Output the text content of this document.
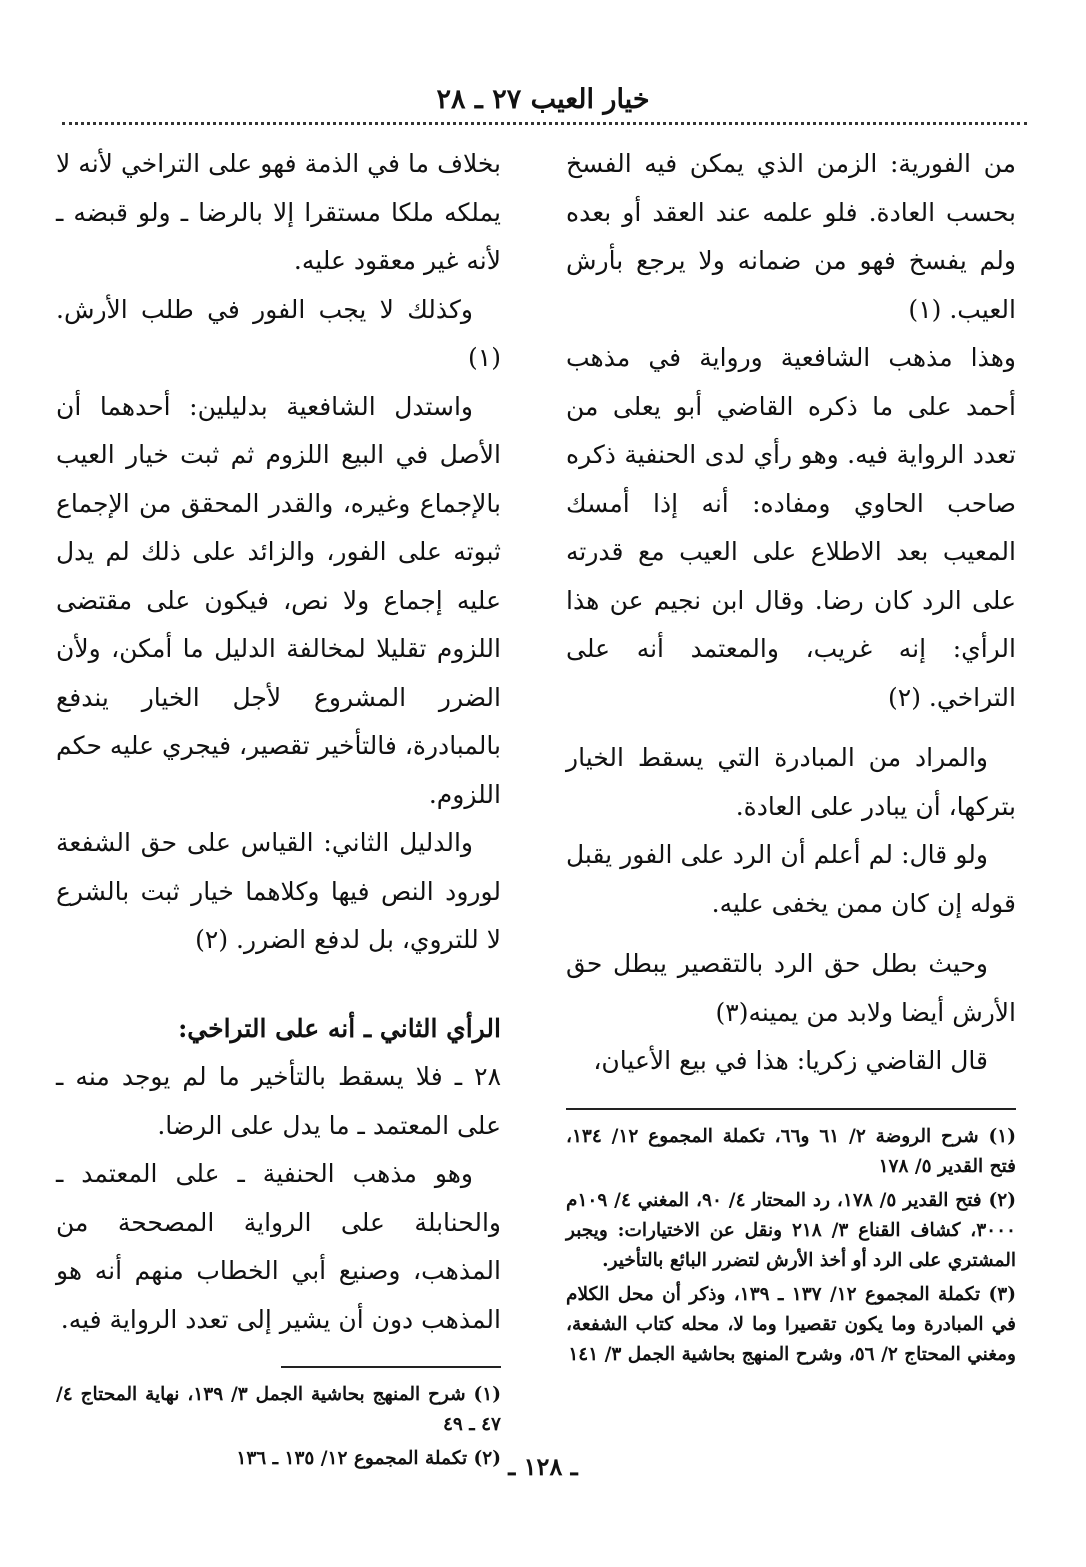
خيار العيب ٢٧ ـ ٢٨

من الفورية: الزمن الذي يمكن فيه الفسخ بحسب العادة. فلو علمه عند العقد أو بعده ولم يفسخ فهو من ضمانه ولا يرجع بأرش العيب. (١)

وهذا مذهب الشافعية ورواية في مذهب أحمد على ما ذكره القاضي أبو يعلى من تعدد الرواية فيه. وهو رأي لدى الحنفية ذكره صاحب الحاوي ومفاده: أنه إذا أمسك المعيب بعد الاطلاع على العيب مع قدرته على الرد كان رضا. وقال ابن نجيم عن هذا الرأي: إنه غريب، والمعتمد أنه على التراخي. (٢)

والمراد من المبادرة التي يسقط الخيار بتركها، أن يبادر على العادة.

ولو قال: لم أعلم أن الرد على الفور يقبل قوله إن كان ممن يخفى عليه.

وحيث بطل حق الرد بالتقصير يبطل حق الأرش أيضا ولابد من يمينه(٣)

قال القاضي زكريا: هذا في بيع الأعيان،

(١) شرح الروضة ٢/ ٦١ و٦٦، تكملة المجموع ١٢/ ١٣٤، فتح القدير ٥/ ١٧٨

(٢) فتح القدير ٥/ ١٧٨، رد المحتار ٤/ ٩٠، المغني ٤/ ١٠٩م ٣٠٠٠، كشاف القناع ٣/ ٢١٨ ونقل عن الاختيارات: ويجبر المشتري على الرد أو أخذ الأرش لتضرر البائع بالتأخير.

(٣) تكملة المجموع ١٢/ ١٣٧ ـ ١٣٩، وذكر أن محل الكلام في المبادرة وما يكون تقصيرا وما لا، محله كتاب الشفعة، ومغني المحتاج ٢/ ٥٦، وشرح المنهج بحاشية الجمل ٣/ ١٤١

بخلاف ما في الذمة فهو على التراخي لأنه لا يملكه ملكا مستقرا إلا بالرضا ـ ولو قبضه ـ لأنه غير معقود عليه.

وكذلك لا يجب الفور في طلب الأرش. (١)

واستدل الشافعية بدليلين: أحدهما أن الأصل في البيع اللزوم ثم ثبت خيار العيب بالإجماع وغيره، والقدر المحقق من الإجماع ثبوته على الفور، والزائد على ذلك لم يدل عليه إجماع ولا نص، فيكون على مقتضى اللزوم تقليلا لمخالفة الدليل ما أمكن، ولأن الضرر المشروع لأجل الخيار يندفع بالمبادرة، فالتأخير تقصير، فيجري عليه حكم اللزوم.

والدليل الثاني: القياس على حق الشفعة لورود النص فيها وكلاهما خيار ثبت بالشرع لا للتروي، بل لدفع الضرر. (٢)

الرأي الثاني ـ أنه على التراخي:

٢٨ ـ فلا يسقط بالتأخير ما لم يوجد منه ـ على المعتمد ـ ما يدل على الرضا.

وهو مذهب الحنفية ـ على المعتمد ـ والحنابلة على الرواية المصححة من المذهب، وصنيع أبي الخطاب منهم أنه هو المذهب دون أن يشير إلى تعدد الرواية فيه.

(١) شرح المنهج بحاشية الجمل ٣/ ١٣٩، نهاية المحتاج ٤/ ٤٧ ـ ٤٩

(٢) تكملة المجموع ١٢/ ١٣٥ ـ ١٣٦ ـ ١٢٨ ـ
